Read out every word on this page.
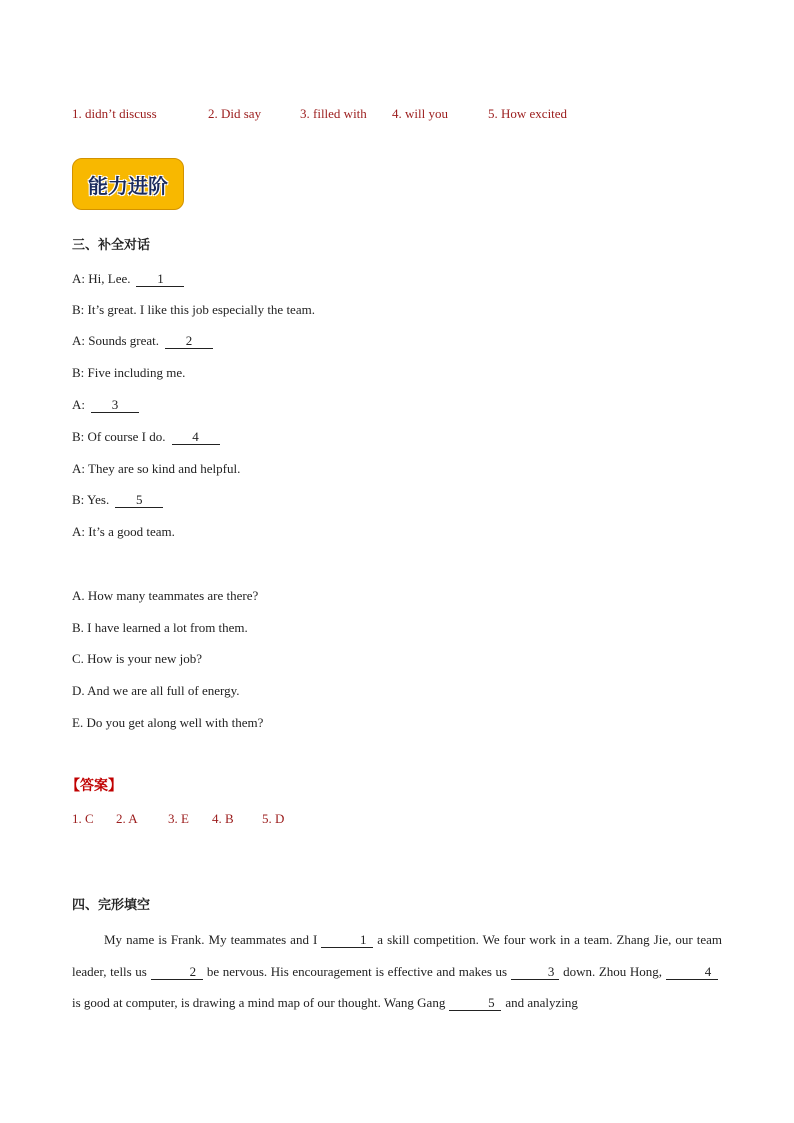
1. didn’t discuss	2. Did say	3. filled with 4. will you	5. How excited
能力进阶
三、补全对话
A: Hi, Lee. 1
B: It’s great. I like this job especially the team.
A: Sounds great. 2
B: Five including me.
A: 3
B: Of course I do. 4
A: They are so kind and helpful.
B: Yes. 5
A: It’s a good team.
A. How many teammates are there?
B. I have learned a lot from them.
C. How is your new job?
D. And we are all full of energy.
E. Do you get along well with them?
【答案】
1. C 2. A 3. E 4. B 5. D
四、完形填空
My name is Frank. My teammates and I	1 a skill competition. We four work in a team. Zhang Jie, our team leader, tells us	2 be nervous. His encouragement is effective and makes us	3 down. Zhou Hong,	4is good at computer, is drawing a mind map of our thought. Wang Gang	5 and analyzing
